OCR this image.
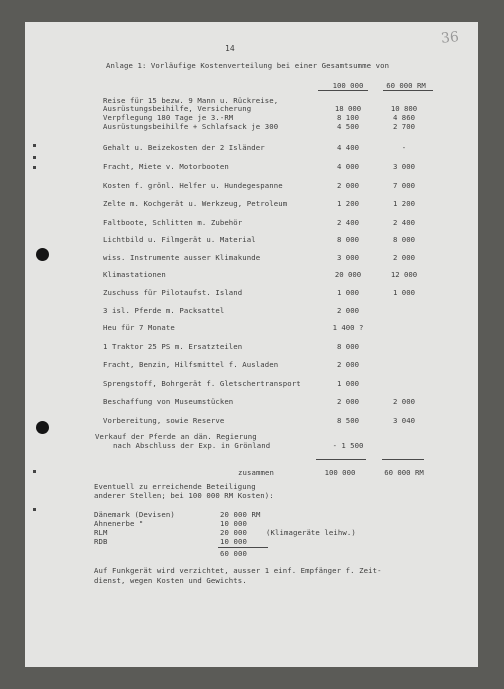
36
14
Anlage 1: Vorläufige Kostenverteilung bei einer Gesamtsumme von
100 000	60 000 RM
Reise für 15 bezw. 9 Mann u. Rückreise,
Ausrüstungsbeihilfe, Versicherung	18 000	10 800
Verpflegung 180 Tage je 3.-RM	8 100	4 860
Ausrüstungsbeihilfe + Schlafsack je 300	4 500	2 700
Gehalt u. Beizekosten der 2 Isländer	4 400	-
Fracht, Miete v. Motorbooten	4 000	3 000
Kosten f. grönl. Helfer u. Hundegespanne	2 000	7 000
Zelte m. Kochgerät u. Werkzeug, Petroleum	1 200	1 200
Faltboote, Schlitten m. Zubehör	2 400	2 400
Lichtbild u. Filmgerät u. Material	8 000	8 000
wiss. Instrumente ausser Klimakunde	3 000	2 000
Klimastationen	20 000	12 000
Zuschuss für Pilotaufst. Island	1 000	1 000
3 isl. Pferde m. Packsattel	2 000
Heu für 7 Monate	1 400 ?
1 Traktor 25 PS m. Ersatzteilen	8 000
Fracht, Benzin, Hilfsmittel f. Ausladen	2 000
Sprengstoff, Bohrgerät f. Gletschertransport	1 000
Beschaffung von Museumstücken	2 000	2 000
Vorbereitung, sowie Reserve	8 500	3 040
Verkauf der Pferde an dän. Regierung
nach Abschluss der Exp. in Grönland	- 1 500
zusammen	100 000	60 000 RM
Eventuell zu erreichende Beteiligung
anderer Stellen; bei 100 000 RM Kosten):
Dänemark (Devisen)	20 000 RM
Ahnenerbe "	10 000
RLM	20 000	(Klimageräte leihw.)
RDB	10 000
60 000
Auf Funkgerät wird verzichtet, ausser 1 einf. Empfänger f. Zeit-
dienst, wegen Kosten und Gewichts.
